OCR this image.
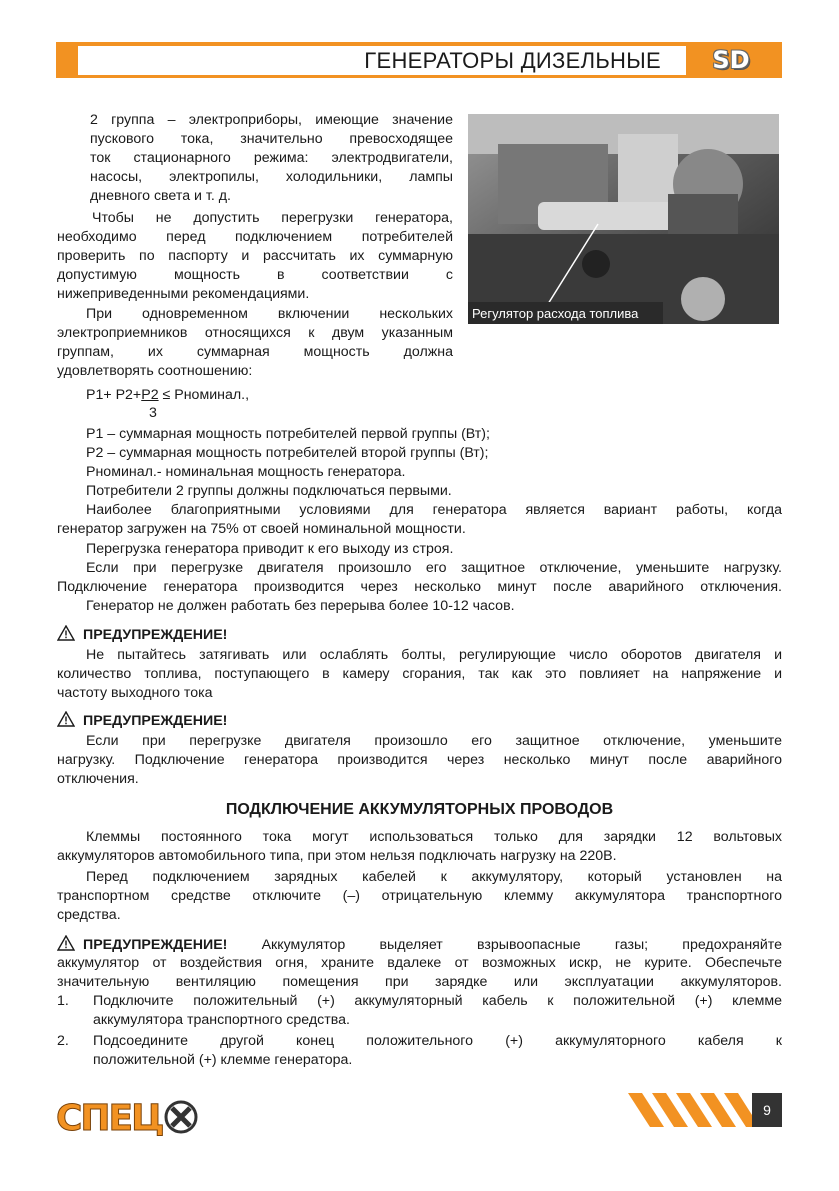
ГЕНЕРАТОРЫ ДИЗЕЛЬНЫЕ	SD
Регулятор расхода топлива
2 группа – электроприборы, имеющие значение
пускового тока, значительно превосходящее
ток стационарного режима: электродвигатели,
насосы, электропилы, холодильники, лампы
дневного света и т. д.
Чтобы не допустить перегрузки генератора,
необходимо перед подключением потребителей
проверить по паспорту и рассчитать их суммарную
допустимую мощность в соответствии с
нижеприведенными рекомендациями.
При одновременном включении нескольких
электроприемников относящихся к двум указанным
группам, их суммарная мощность должна
удовлетворять соотношению:
P1+ P2+P2 ≤ Pноминал.,
3
P1 – суммарная мощность потребителей первой группы (Вт);
P2 – суммарная мощность потребителей второй группы (Вт);
Pноминал.- номинальная мощность генератора.
Потребители 2 группы должны подключаться первыми.
Наиболее благоприятными условиями для генератора является вариант работы, когда
генератор загружен на 75% от своей номинальной мощности.
Перегрузка генератора приводит к его выходу из строя.
Если при перегрузке двигателя произошло его защитное отключение, уменьшите нагрузку.
Подключение генератора производится через несколько минут после аварийного отключения.
Генератор не должен работать без перерыва более 10-12 часов.
ПРЕДУПРЕЖДЕНИЕ!
Не пытайтесь затягивать или ослаблять болты, регулирующие число оборотов двигателя и
количество топлива, поступающего в камеру сгорания, так как это повлияет на напряжение и
частоту выходного тока
ПРЕДУПРЕЖДЕНИЕ!
Если при перегрузке двигателя произошло его защитное отключение, уменьшите
нагрузку. Подключение генератора производится через несколько минут после аварийного
отключения.
ПОДКЛЮЧЕНИЕ АККУМУЛЯТОРНЫХ ПРОВОДОВ
Клеммы постоянного тока могут использоваться только для зарядки 12 вольтовых
аккумуляторов автомобильного типа, при этом нельзя подключать нагрузку на 220В.
Перед подключением зарядных кабелей к аккумулятору, который установлен на
транспортном средстве отключите (–) отрицательную клемму аккумулятора транспортного
средства.
ПРЕДУПРЕЖДЕНИЕ! Аккумулятор выделяет взрывоопасные газы; предохраняйте
аккумулятор от воздействия огня, храните вдалеке от возможных искр, не курите. Обеспечьте
значительную вентиляцию помещения при зарядке или эксплуатации аккумуляторов.
1. Подключите положительный (+) аккумуляторный кабель к положительной (+) клемме
аккумулятора транспортного средства.
2. Подсоедините другой конец положительного (+) аккумуляторного кабеля к
положительной (+) клемме генератора.
СПЕЦ	9
